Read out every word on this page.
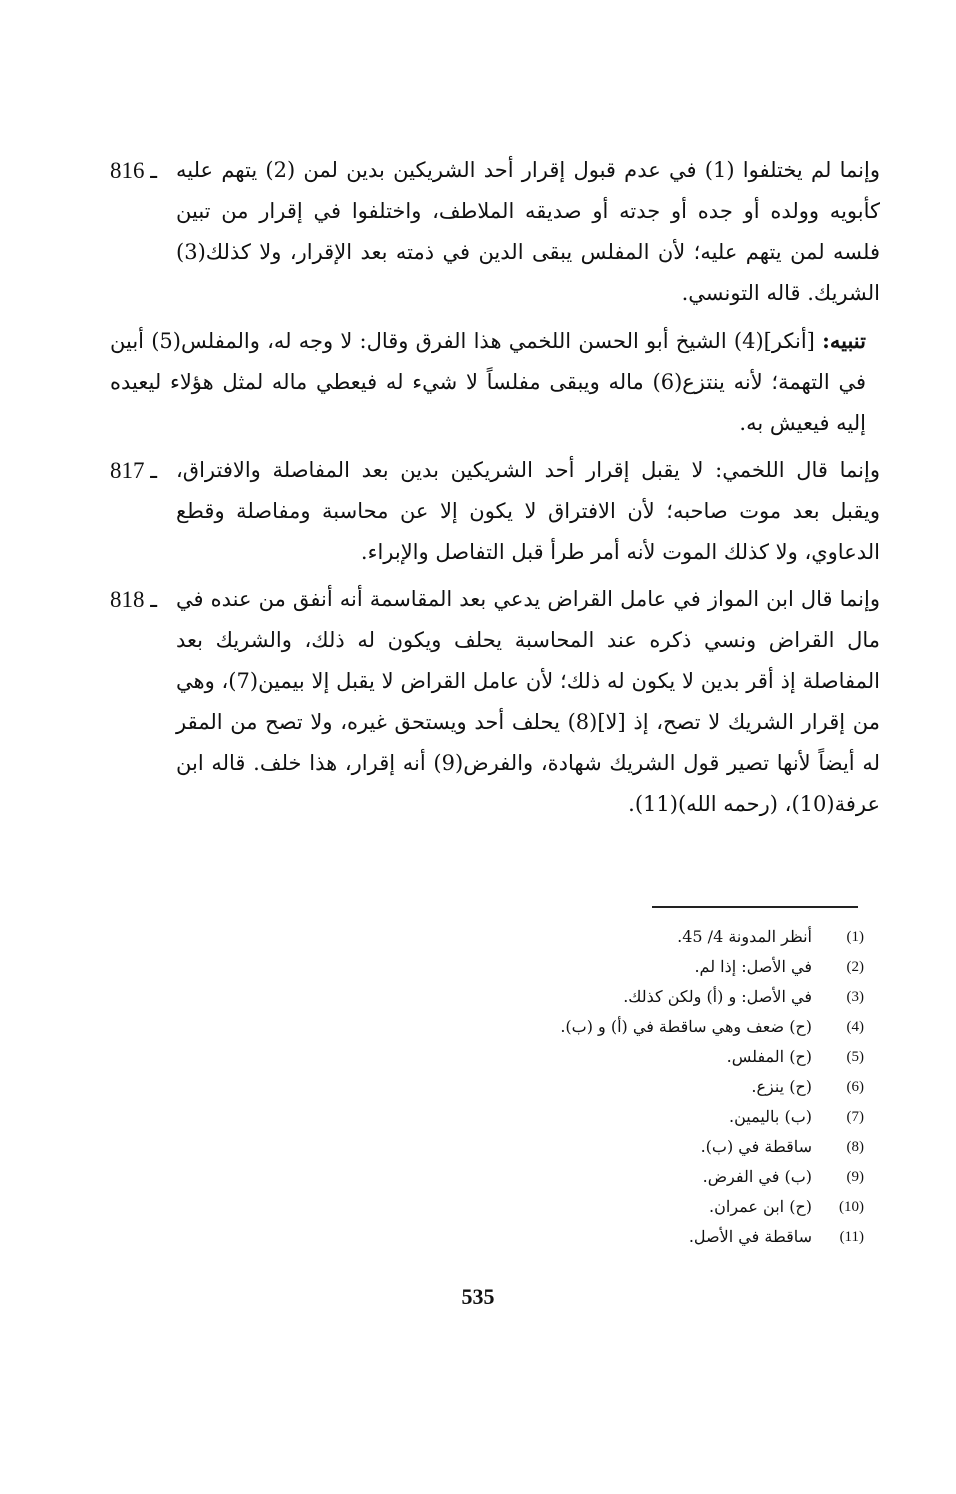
وإنما لم يختلفوا (1) في عدم قبول إقرار أحد الشريكين بدين لمن (2) يتهم عليه كأبويه وولده أو جده أو جدته أو صديقه الملاطف، واختلفوا في إقرار من تبين فلسه لمن يتهم عليه؛ لأن المفلس يبقى الدين في ذمته بعد الإقرار، ولا كذلك(3) الشريك. قاله التونسي.
816 ـ
تنبيه: [أنكر](4) الشيخ أبو الحسن اللخمي هذا الفرق وقال: لا وجه له، والمفلس(5) أبين في التهمة؛ لأنه ينتزع(6) ماله ويبقى مفلساً لا شيء له فيعطي ماله لمثل هؤلاء ليعيده إليه فيعيش به.
وإنما قال اللخمي: لا يقبل إقرار أحد الشريكين بدين بعد المفاصلة والافتراق، ويقبل بعد موت صاحبه؛ لأن الافتراق لا يكون إلا عن محاسبة ومفاصلة وقطع الدعاوي، ولا كذلك الموت لأنه أمر طرأ قبل التفاصل والإبراء.
817 ـ
وإنما قال ابن المواز في عامل القراض يدعي بعد المقاسمة أنه أنفق من عنده في مال القراض ونسي ذكره عند المحاسبة يحلف ويكون له ذلك، والشريك بعد المفاصلة إذ أقر بدين لا يكون له ذلك؛ لأن عامل القراض لا يقبل إلا بيمين(7)، وهي من إقرار الشريك لا تصح، إذ [لا](8) يحلف أحد ويستحق غيره، ولا تصح من المقر له أيضاً لأنها تصير قول الشريك شهادة، والفرض(9) أنه إقرار، هذا خلف. قاله ابن عرفة(10)، (رحمه الله)(11).
818 ـ
(1)
أنظر المدونة 4/ 45.
(2)
في الأصل: إذا لم.
(3)
في الأصل: و (أ) ولكن كذلك.
(4)
(ح) ضعف وهي ساقطة في (أ) و (ب).
(5)
(ح) المفلس.
(6)
(ح) ينزع.
(7)
(ب) باليمين.
(8)
ساقطة في (ب).
(9)
(ب) في الفرض.
(10)
(ح) ابن عمران.
(11)
ساقطة في الأصل.
535
